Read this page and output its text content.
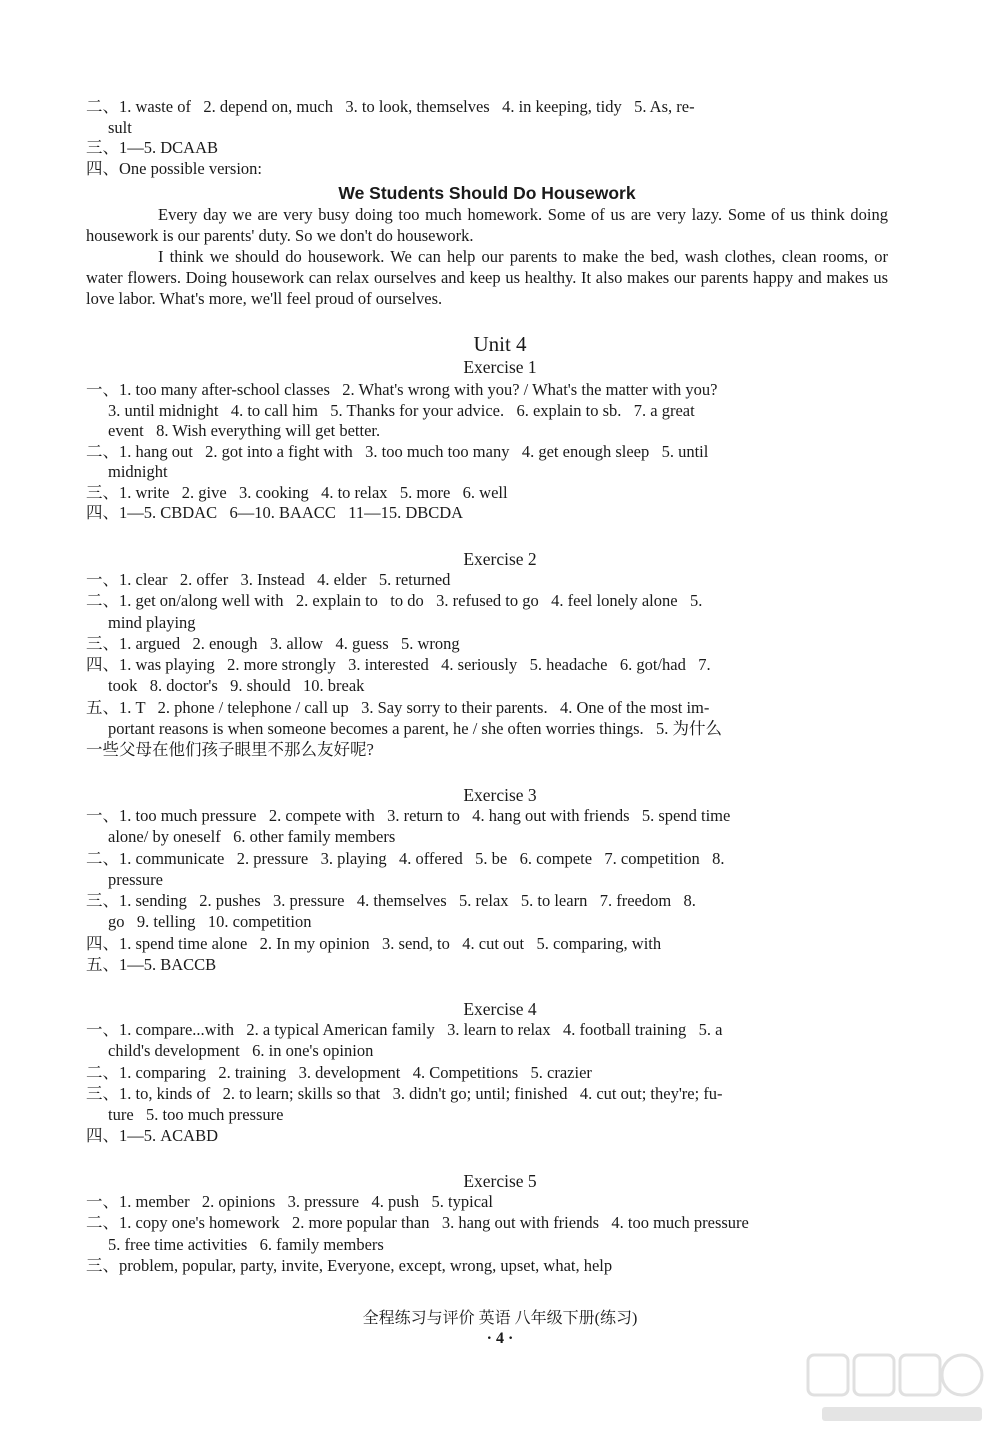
二、1. waste of   2. depend on, much   3. to look, themselves   4. in keeping, tidy   5. As, re-
sult
三、1—5. DCAAB
四、One possible version:
We Students Should Do Housework
Every day we are very busy doing too much homework. Some of us are very lazy. Some of us think doing housework is our parents' duty. So we don't do housework.
I think we should do housework. We can help our parents to make the bed, wash clothes, clean rooms, or water flowers. Doing housework can relax ourselves and keep us healthy. It also makes our parents happy and makes us love labor. What's more, we'll feel proud of ourselves.
Unit 4
Exercise 1
一、1. too many after-school classes   2. What's wrong with you? / What's the matter with you?
3. until midnight   4. to call him   5. Thanks for your advice.   6. explain to sb.   7. a great
event   8. Wish everything will get better.
二、1. hang out   2. got into a fight with   3. too much too many   4. get enough sleep   5. until
midnight
三、1. write   2. give   3. cooking   4. to relax   5. more   6. well
四、1—5. CBDAC   6—10. BAACC   11—15. DBCDA
Exercise 2
一、1. clear   2. offer   3. Instead   4. elder   5. returned
二、1. get on/along well with   2. explain to   to do   3. refused to go   4. feel lonely alone   5.
mind playing
三、1. argued   2. enough   3. allow   4. guess   5. wrong
四、1. was playing   2. more strongly   3. interested   4. seriously   5. headache   6. got/had   7.
took   8. doctor's   9. should   10. break
五、1. T   2. phone / telephone / call up   3. Say sorry to their parents.   4. One of the most im-
portant reasons is when someone becomes a parent, he / she often worries things.   5. 为什么
一些父母在他们孩子眼里不那么友好呢?
Exercise 3
一、1. too much pressure   2. compete with   3. return to   4. hang out with friends   5. spend time
alone/ by oneself   6. other family members
二、1. communicate   2. pressure   3. playing   4. offered   5. be   6. compete   7. competition   8.
pressure
三、1. sending   2. pushes   3. pressure   4. themselves   5. relax   5. to learn   7. freedom   8.
go   9. telling   10. competition
四、1. spend time alone   2. In my opinion   3. send, to   4. cut out   5. comparing, with
五、1—5. BACCB
Exercise 4
一、1. compare...with   2. a typical American family   3. learn to relax   4. football training   5. a
child's development   6. in one's opinion
二、1. comparing   2. training   3. development   4. Competitions   5. crazier
三、1. to, kinds of   2. to learn; skills so that   3. didn't go; until; finished   4. cut out; they're; fu-
ture   5. too much pressure
四、1—5. ACABD
Exercise 5
一、1. member   2. opinions   3. pressure   4. push   5. typical
二、1. copy one's homework   2. more popular than   3. hang out with friends   4. too much pressure
5. free time activities   6. family members
三、problem, popular, party, invite, Everyone, except, wrong, upset, what, help
全程练习与评价 英语 八年级下册(练习)
· 4 ·
